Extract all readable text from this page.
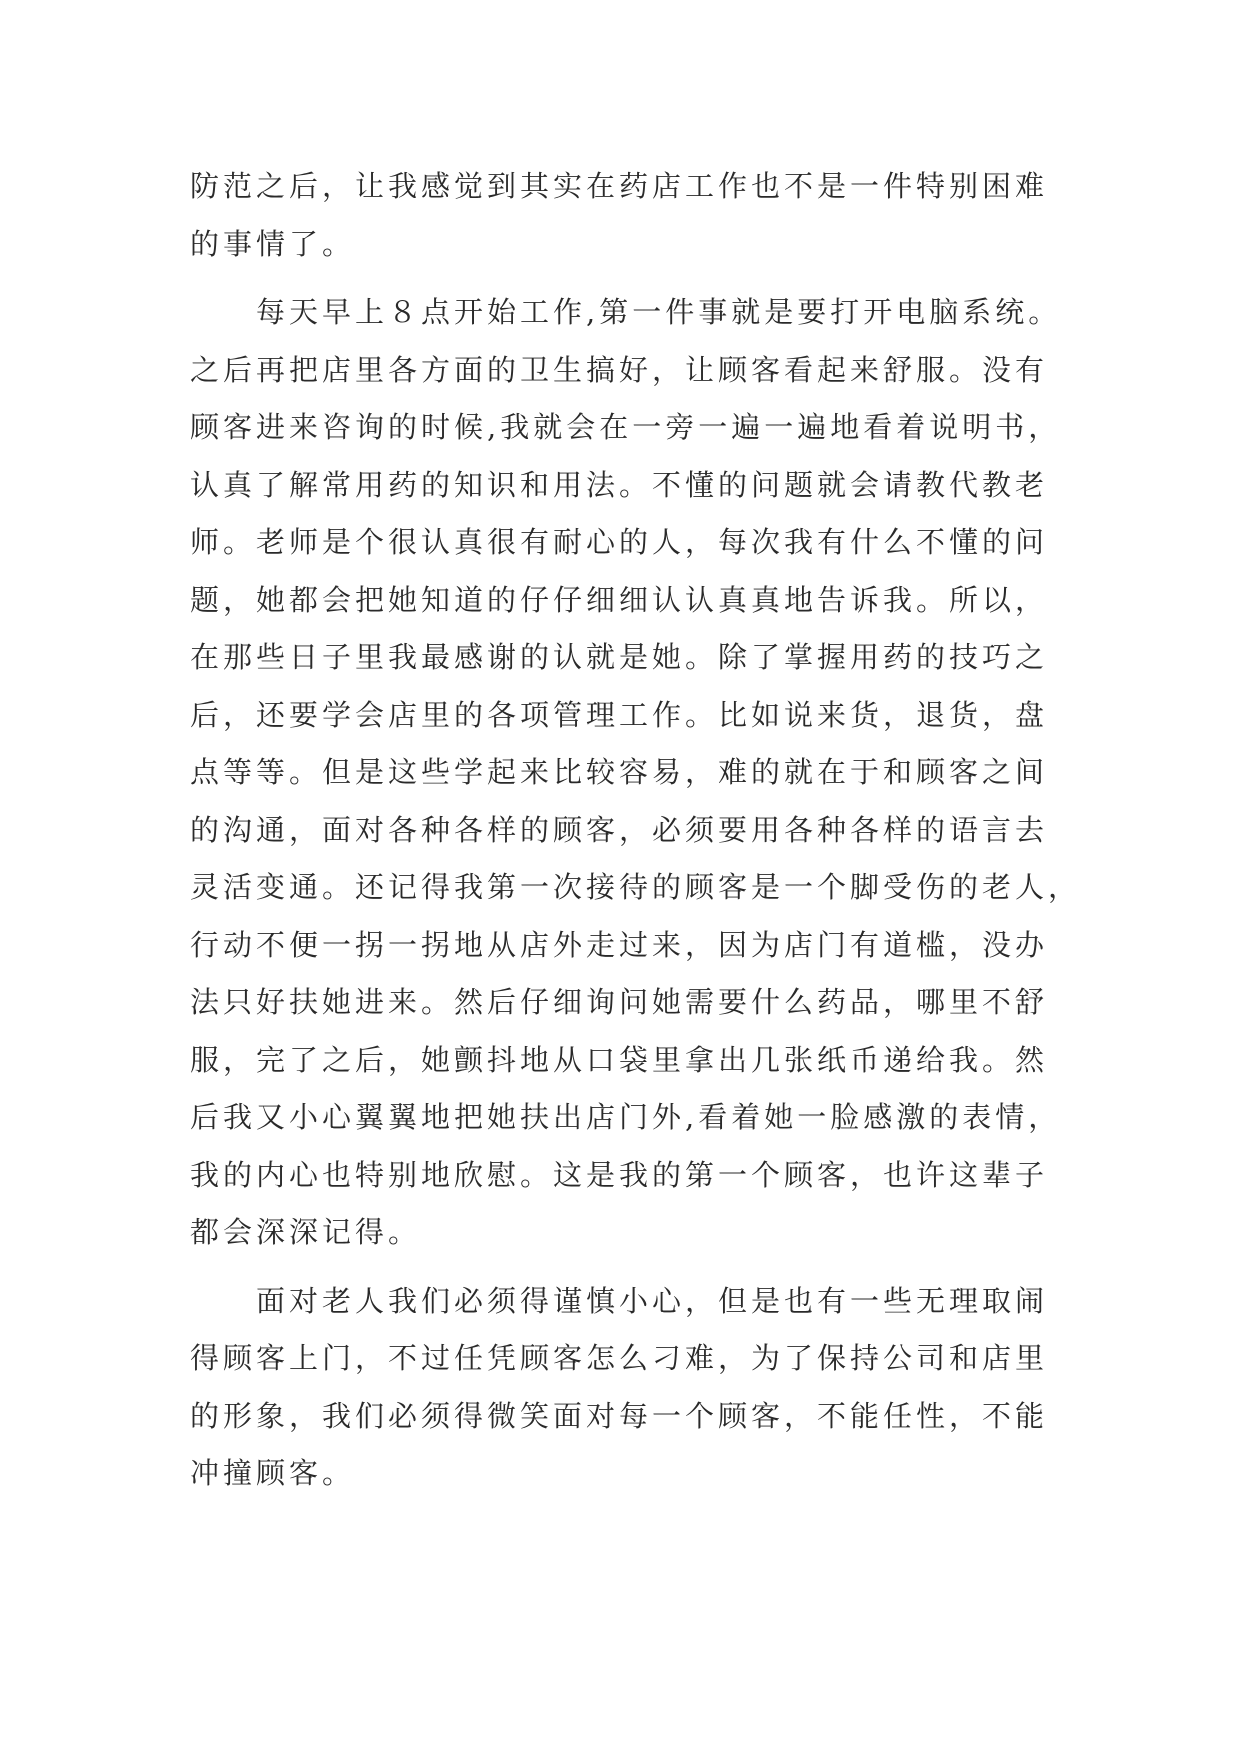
防范之后，让我感觉到其实在药店工作也不是一件特别困难
的事情了。
　　每天早上８点开始工作,第一件事就是要打开电脑系统。
之后再把店里各方面的卫生搞好，让顾客看起来舒服。没有
顾客进来咨询的时候,我就会在一旁一遍一遍地看着说明书，
认真了解常用药的知识和用法。不懂的问题就会请教代教老
师。老师是个很认真很有耐心的人，每次我有什么不懂的问
题，她都会把她知道的仔仔细细认认真真地告诉我。所以，
在那些日子里我最感谢的认就是她。除了掌握用药的技巧之
后，还要学会店里的各项管理工作。比如说来货，退货，盘
点等等。但是这些学起来比较容易，难的就在于和顾客之间
的沟通，面对各种各样的顾客，必须要用各种各样的语言去
灵活变通。还记得我第一次接待的顾客是一个脚受伤的老人，
行动不便一拐一拐地从店外走过来，因为店门有道槛，没办
法只好扶她进来。然后仔细询问她需要什么药品，哪里不舒
服，完了之后，她颤抖地从口袋里拿出几张纸币递给我。然
后我又小心翼翼地把她扶出店门外,看着她一脸感激的表情，
我的内心也特别地欣慰。这是我的第一个顾客，也许这辈子
都会深深记得。
　　面对老人我们必须得谨慎小心，但是也有一些无理取闹
得顾客上门，不过任凭顾客怎么刁难，为了保持公司和店里
的形象，我们必须得微笑面对每一个顾客，不能任性，不能
冲撞顾客。
